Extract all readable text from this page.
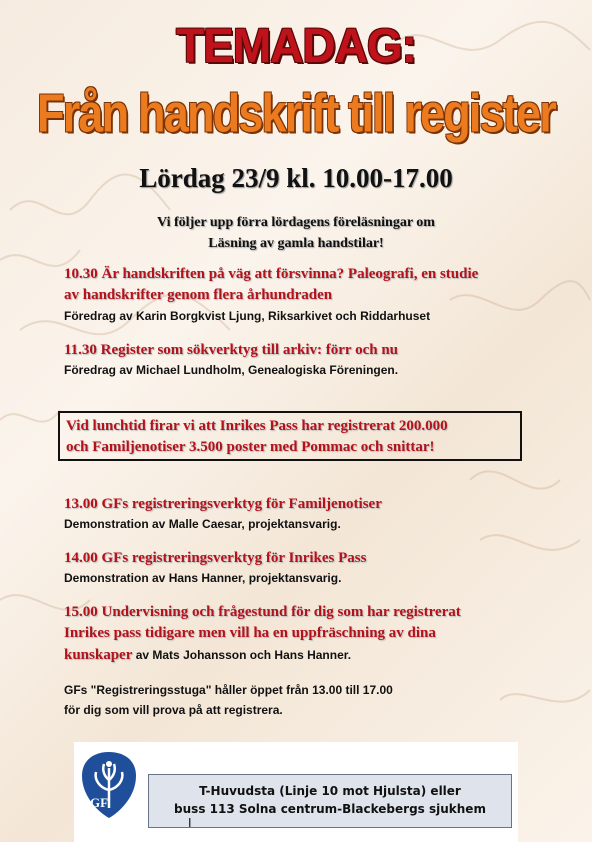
TEMADAG:
Från handskrift till register
Lördag 23/9 kl. 10.00-17.00
Vi följer upp förra lördagens föreläsningar om
Läsning av gamla handstilar!
10.30 Är handskriften på väg att försvinna? Paleografi, en studie
av handskrifter genom flera århundraden
Föredrag av Karin Borgkvist Ljung, Riksarkivet och Riddarhuset
11.30 Register som sökverktyg till arkiv: förr och nu
Föredrag av Michael Lundholm, Genealogiska Föreningen.
Vid lunchtid firar vi att Inrikes Pass har registrerat 200.000
och Familjenotiser 3.500 poster med Pommac och snittar!
13.00 GFs registreringsverktyg för Familjenotiser
Demonstration av Malle Caesar, projektansvarig.
14.00 GFs registreringsverktyg för Inrikes Pass
Demonstration av Hans Hanner, projektansvarig.
15.00 Undervisning och frågestund för dig som har registrerat
Inrikes pass tidigare men vill ha en uppfräschning av dina
kunskaper av Mats Johansson och Hans Hanner.
GFs "Registreringsstuga" håller öppet från 13.00 till 17.00
för dig som vill prova på att registrera.
GF
T-Huvudsta (Linje 10 mot Hjulsta) eller
buss 113 Solna centrum-Blackebergs sjukhem
Ι
